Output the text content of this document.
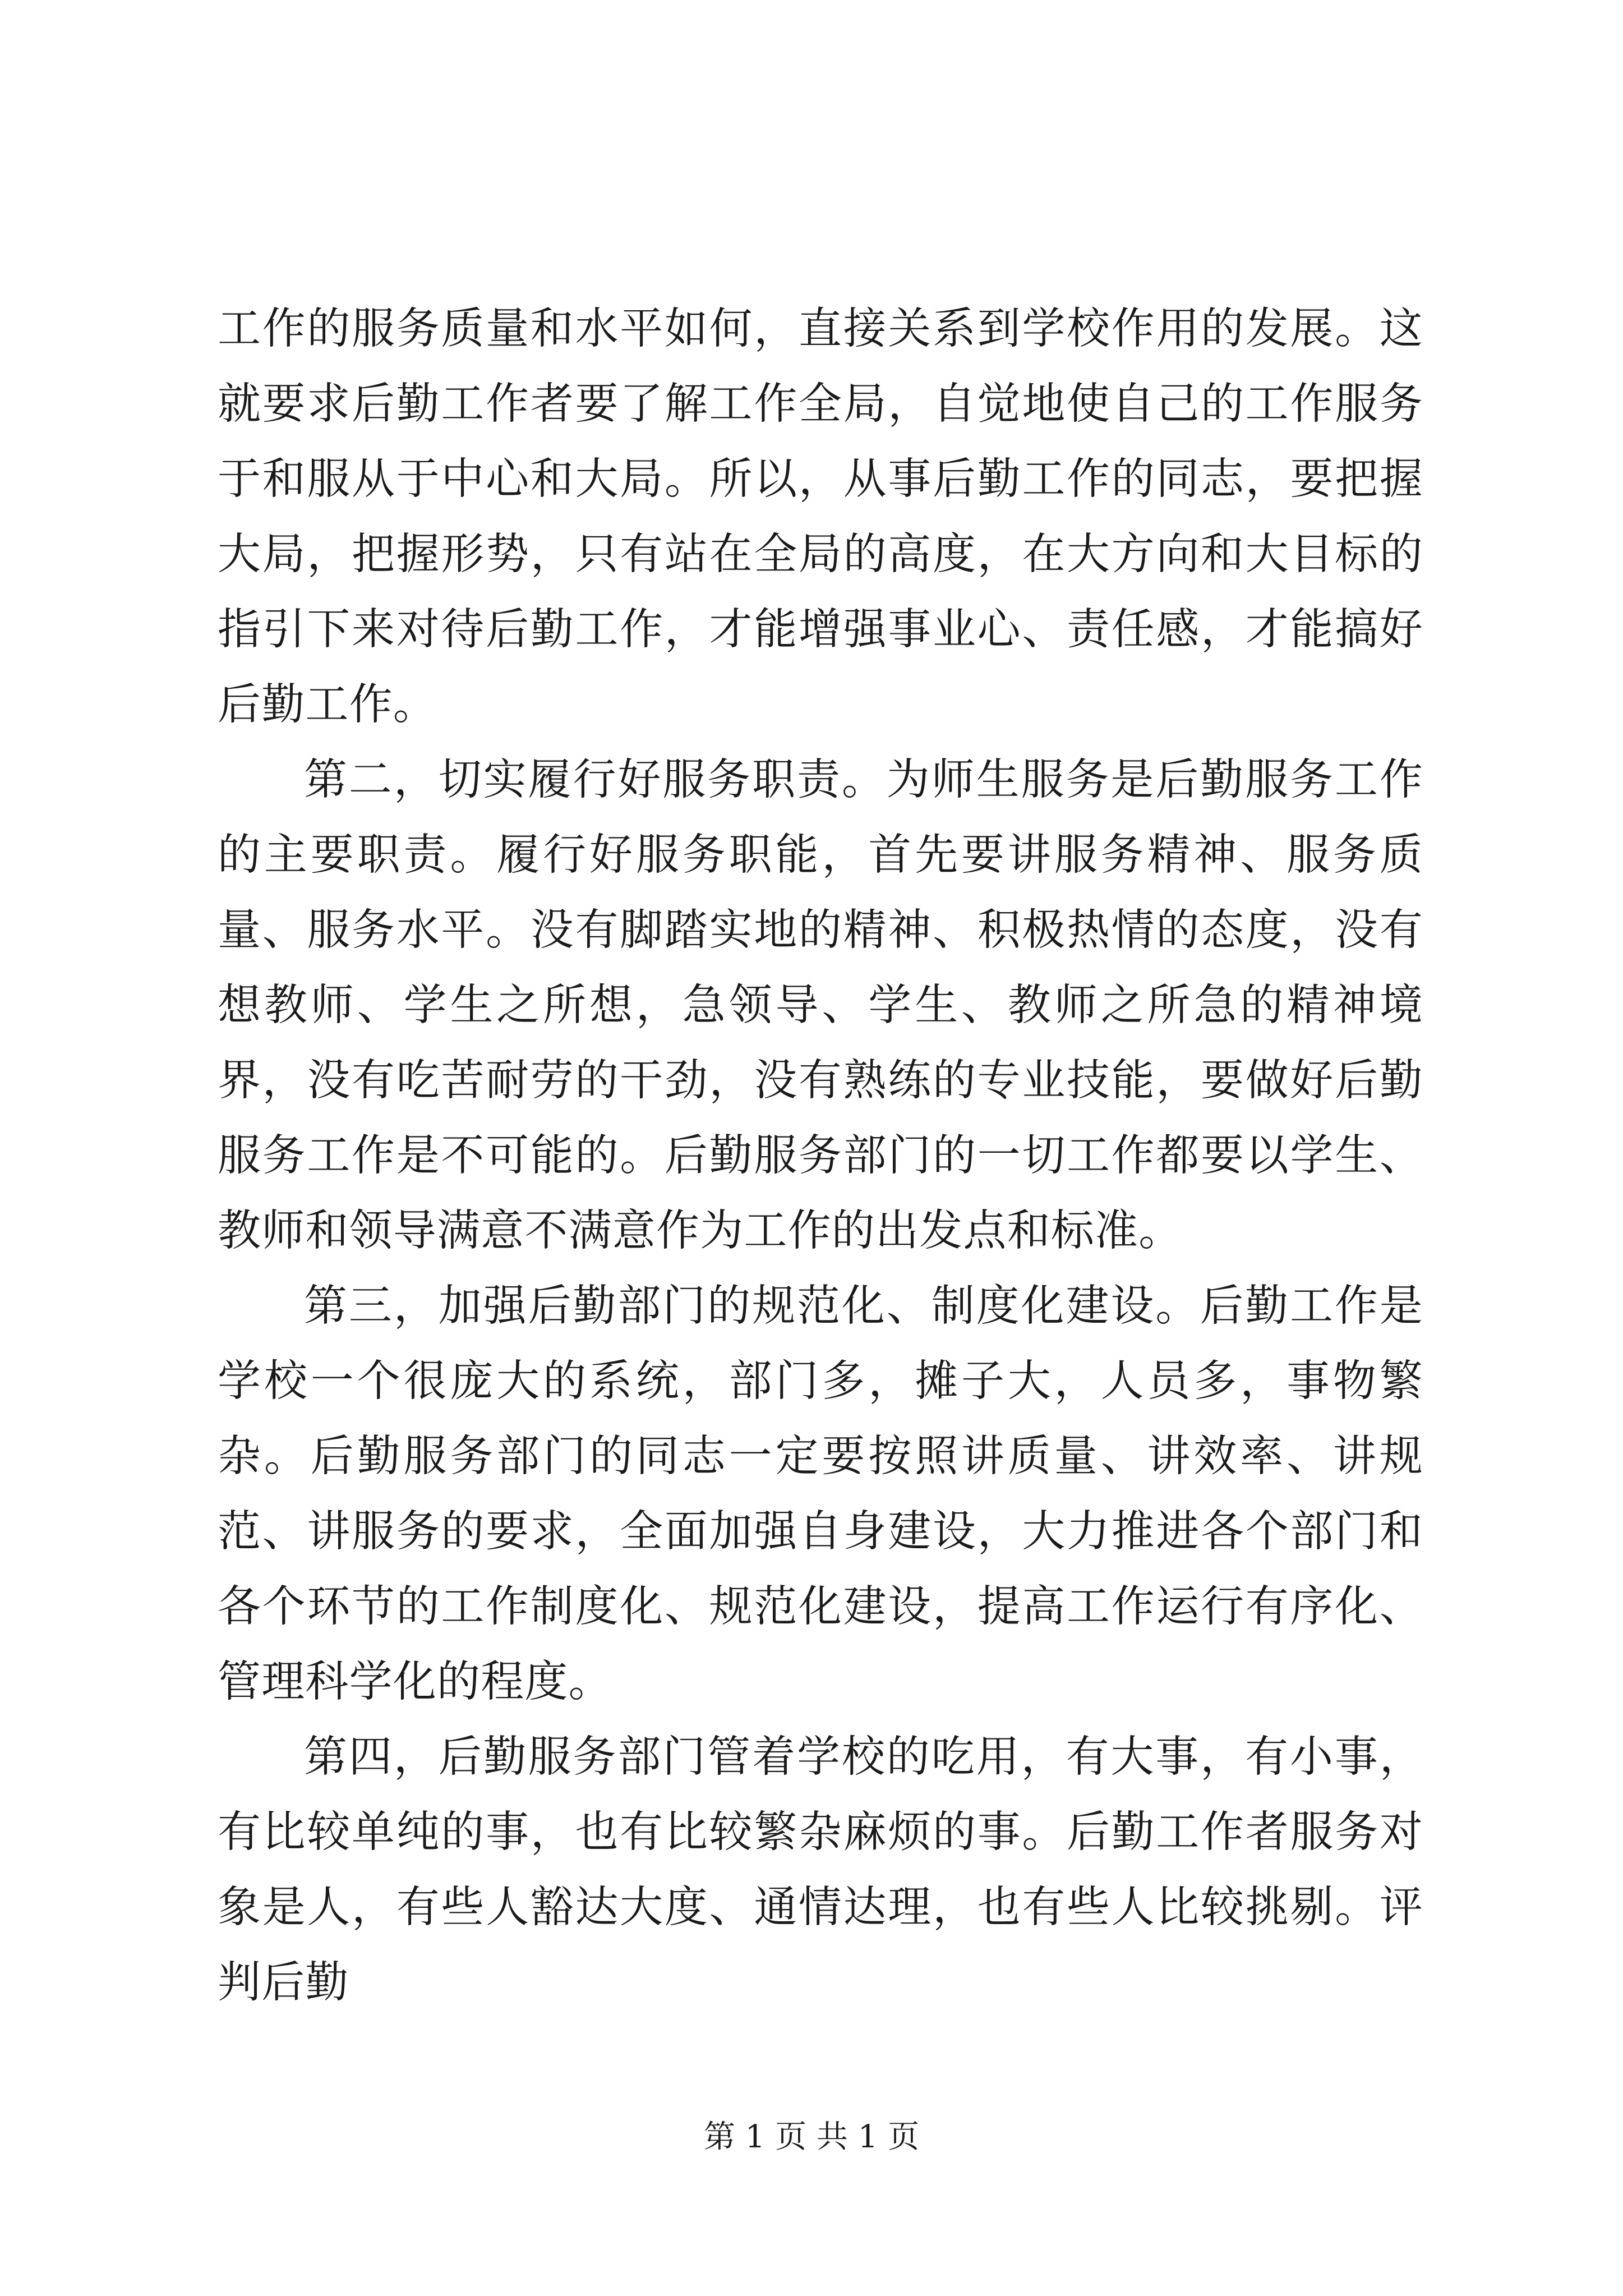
工作的服务质量和水平如何，直接关系到学校作用的发展。这就要求后勤工作者要了解工作全局，自觉地使自己的工作服务于和服从于中心和大局。所以，从事后勤工作的同志，要把握大局，把握形势，只有站在全局的高度，在大方向和大目标的指引下来对待后勤工作，才能增强事业心、责任感，才能搞好后勤工作。

第二，切实履行好服务职责。为师生服务是后勤服务工作的主要职责。履行好服务职能，首先要讲服务精神、服务质量、服务水平。没有脚踏实地的精神、积极热情的态度，没有想教师、学生之所想，急领导、学生、教师之所急的精神境界，没有吃苦耐劳的干劲，没有熟练的专业技能，要做好后勤服务工作是不可能的。后勤服务部门的一切工作都要以学生、教师和领导满意不满意作为工作的出发点和标准。

第三，加强后勤部门的规范化、制度化建设。后勤工作是学校一个很庞大的系统，部门多，摊子大，人员多，事物繁杂。后勤服务部门的同志一定要按照讲质量、讲效率、讲规范、讲服务的要求，全面加强自身建设，大力推进各个部门和各个环节的工作制度化、规范化建设，提高工作运行有序化、管理科学化的程度。

第四，后勤服务部门管着学校的吃用，有大事，有小事，有比较单纯的事，也有比较繁杂麻烦的事。后勤工作者服务对象是人，有些人豁达大度、通情达理，也有些人比较挑剔。评判后勤

第 1 页 共 1 页
